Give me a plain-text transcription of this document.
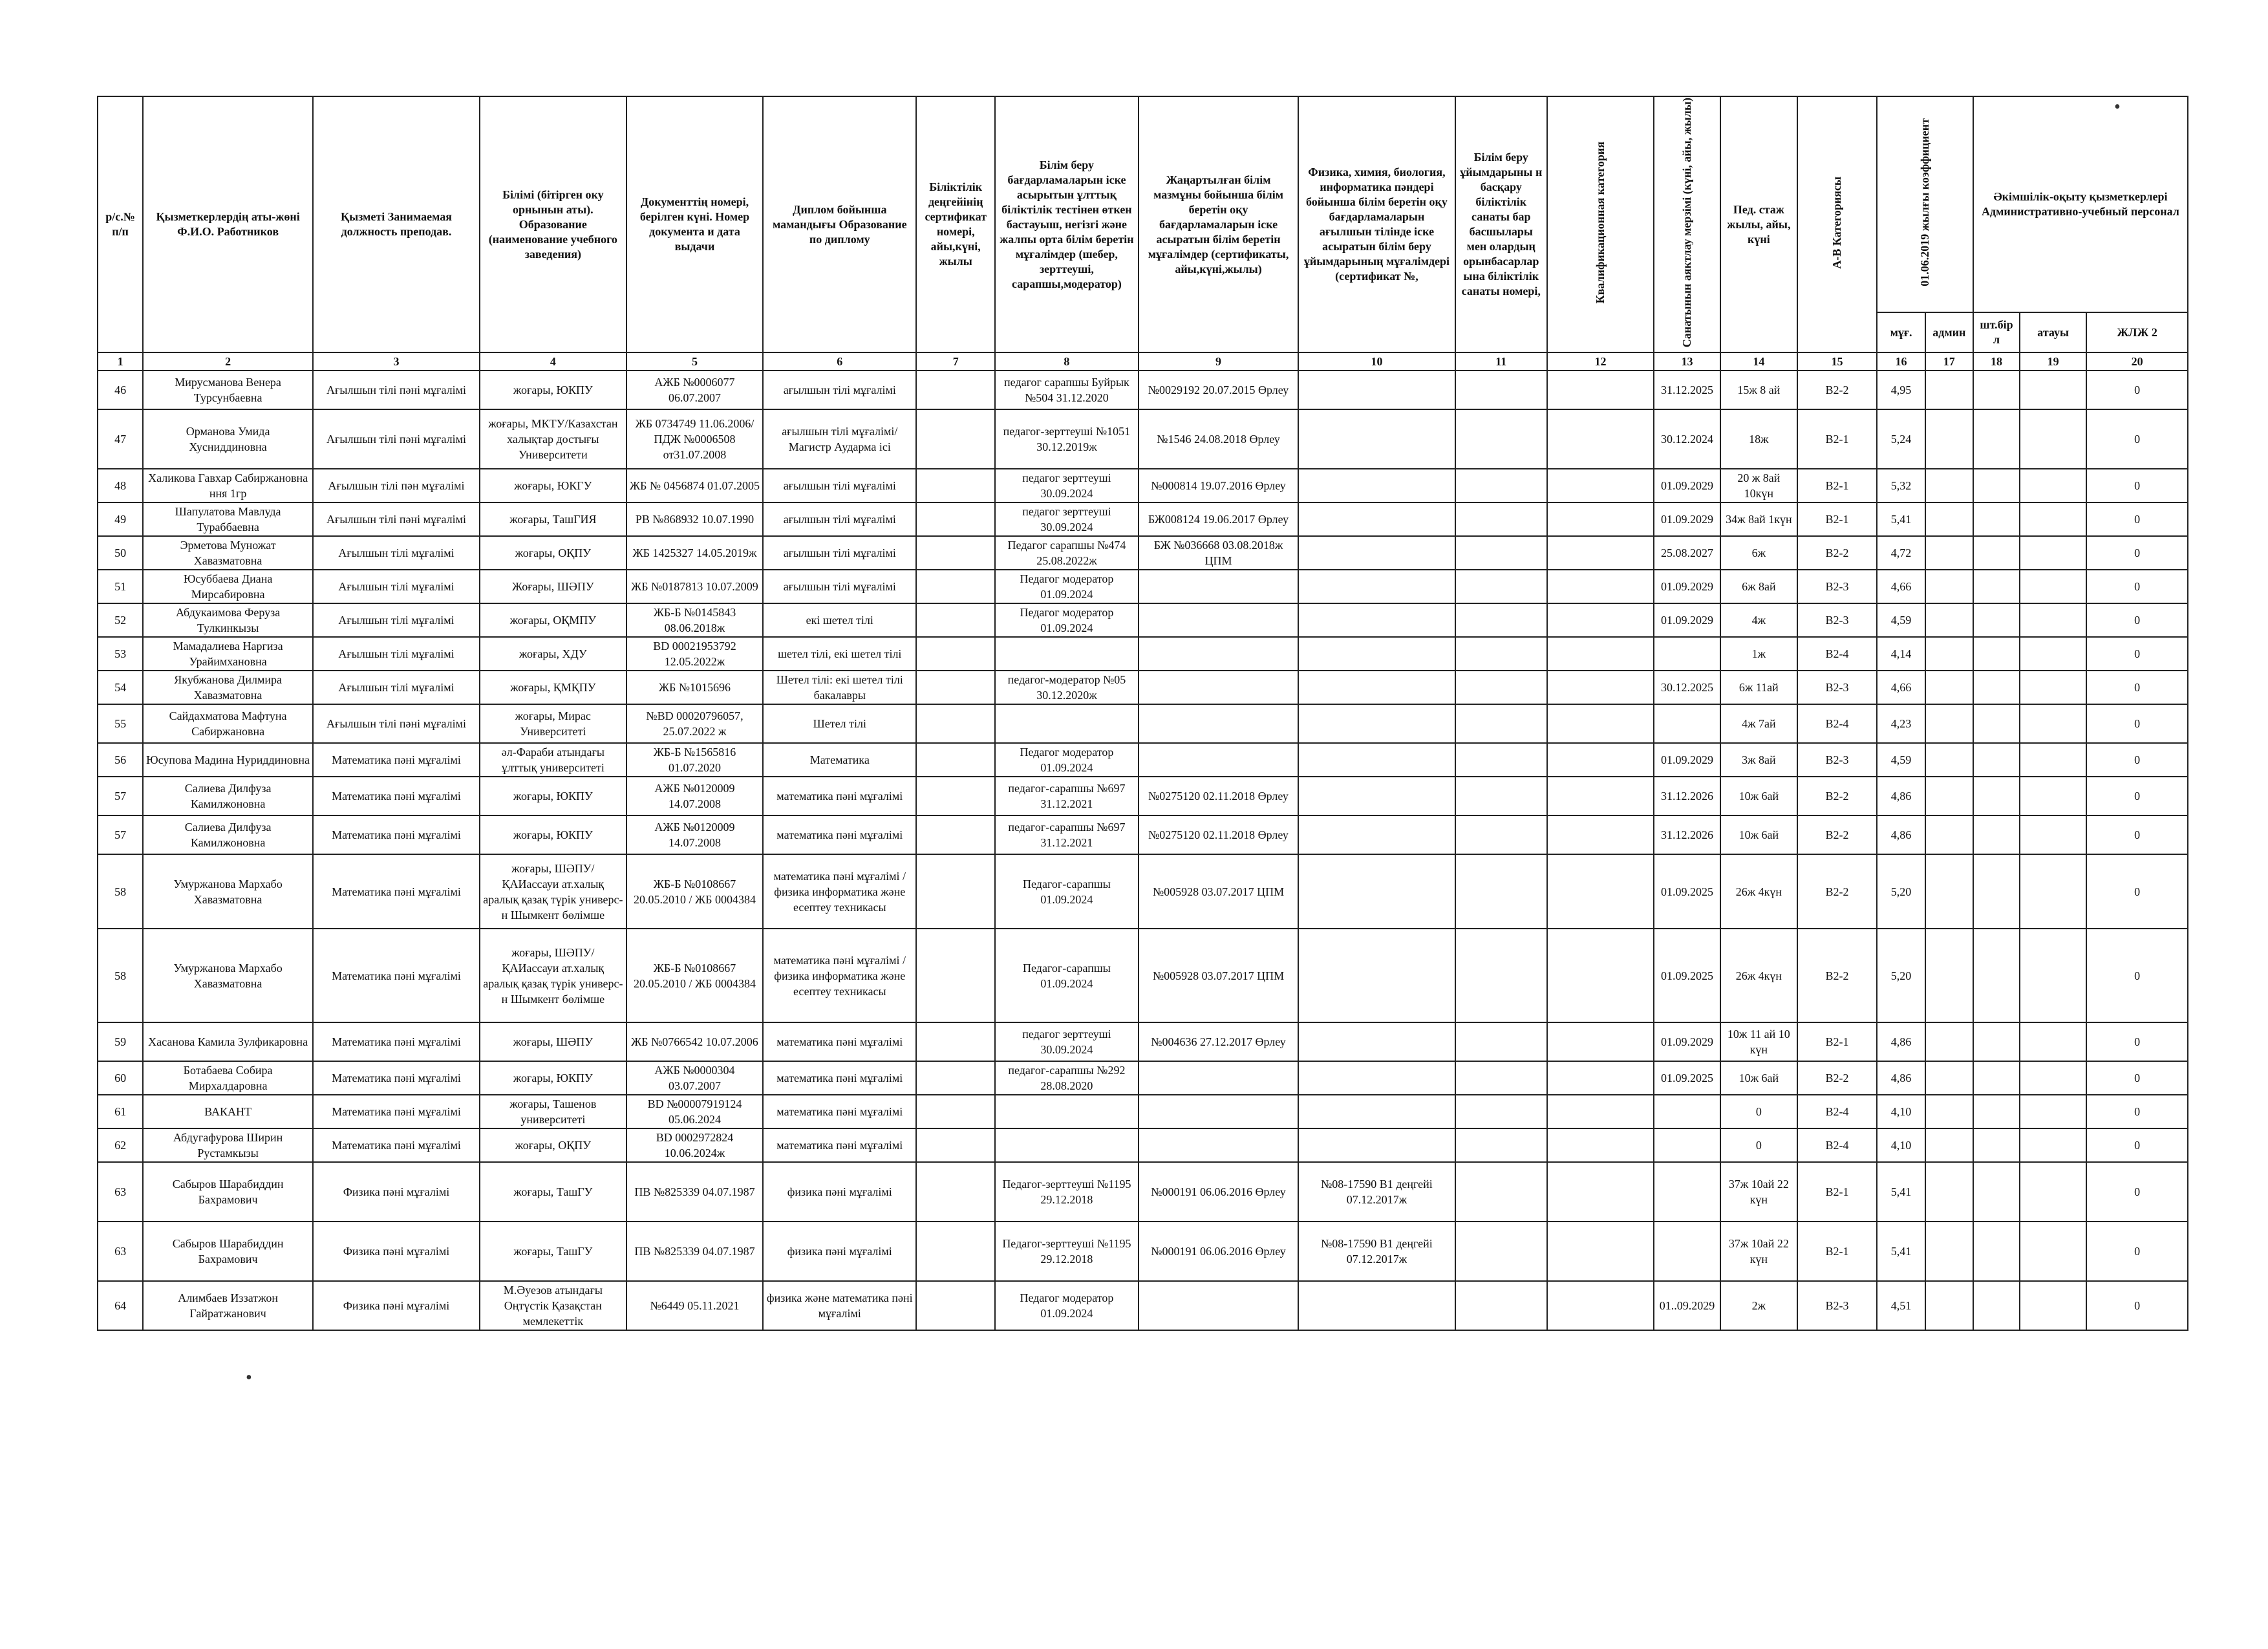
р/с.№ п/п	Қызметкерлердің аты-жөні Ф.И.О. Работников	Қызметі Занимаемая должность преподав.	Білімі (бітірген оку орнынын аты). Образование (наименование учебного заведения)	Документтің номері, берілген күні. Номер документа и дата выдачи	Диплом бойынша мамандығы Образование по диплому	Біліктілік деңгейінің сертификат номері, айы,күні, жылы	Білім беру бағдарламаларын іске асырытын ұлттық біліктілік тестінен өткен бастауыш, негізгі және жалпы орта білім беретін мұғалімдер (шебер, зерттеуші, сарапшы,модератор)	Жаңартылған білім мазмұны бойынша білім беретін оқу бағдарламаларын іске асыратын білім беретін мұғалімдер (сертификаты, айы,күні,жылы)	Физика, химия, биология, информатика пәндері бойынша білім беретін оқу бағдарламаларын ағылшын тілінде іске асыратын білім беру ұйымдарының мұғалімдері (сертификат №,	Білім беру ұйымдарыны н басқару біліктілік санаты бар басшылары мен олардың орынбасарлар ына біліктілік санаты номері,	Квалификационная категория	Санатынын аяктлау мерзімі (күні, айы, жылы)	Пед. стаж жылы, айы, күні	А-В Категориясы	01.06.2019 жылғы коэффициент		Әкімшілік-оқыту қызметкерлері Административно-учебный персонал		
															мұғ.	админ	шт.бір л	атауы	ЖЛЖ 2
1	2	3	4	5	6	7	8	9	10	11	12	13	14	15	16	17	18	19	20
46	Мирусманова Венера Турсунбаевна	Ағылшын тілі пәні мұғалімі	жоғары, ЮКПУ	АЖБ №0006077 06.07.2007	ағылшын тілі мұғалімі		педагог сарапшы Буйрык №504 31.12.2020	№0029192 20.07.2015 Өрлеу				31.12.2025	15ж 8 ай	В2-2	4,95				0
47	Орманова Умида Хусниддиновна	Ағылшын тілі пәні мұғалімі	жоғары, МКТУ/Казахстан халықтар достығы Университети	ЖБ 0734749 11.06.2006/ПДЖ №0006508 от31.07.2008	ағылшын тілі мұғалімі/Магистр Аударма ісі		педагог-зерттеуші №1051 30.12.2019ж	№1546 24.08.2018 Өрлеу				30.12.2024	18ж	В2-1	5,24				0
48	Халикова Гавхар Сабиржановна ння 1гр	Ағылшын тілі пән мұғалімі	жоғары, ЮКГУ	ЖБ № 0456874 01.07.2005	ағылшын тілі мұғалімі		педагог зерттеуші 30.09.2024	№000814 19.07.2016 Өрлеу				01.09.2029	20 ж 8ай 10күн	В2-1	5,32				0
49	Шапулатова Мавлуда Тураббаевна	Ағылшын тілі пәні мұғалімі	жоғары, ТашГИЯ	РВ №868932 10.07.1990	ағылшын тілі мұғалімі		педагог зерттеуші 30.09.2024	БЖ008124 19.06.2017 Өрлеу				01.09.2029	34ж 8ай 1күн	В2-1	5,41				0
50	Эрметова Муножат Хавазматовна	Ағылшын тілі мұғалімі	жоғары, ОҚПУ	ЖБ 1425327 14.05.2019ж	ағылшын тілі мұғалімі		Педагог сарапшы №474 25.08.2022ж	БЖ №036668 03.08.2018ж ЦПМ				25.08.2027	6ж	В2-2	4,72				0
51	Юсуббаева Диана Мирсабировна	Ағылшын тілі мұғалімі	Жоғары, ШӘПУ	ЖБ №0187813 10.07.2009	ағылшын тілі мұғалімі		Педагог модератор 01.09.2024					01.09.2029	6ж 8ай	В2-3	4,66				0
52	Абдукаимова Феруза Тулкинкызы	Ағылшын тілі мұғалімі	жоғары, ОҚМПУ	ЖБ-Б №0145843 08.06.2018ж	екі шетел тілі		Педагог модератор 01.09.2024					01.09.2029	4ж	В2-3	4,59				0
53	Мамадалиева Наргиза Урайимхановна	Ағылшын тілі мұғалімі	жоғары, ХДУ	BD 00021953792 12.05.2022ж	шетел тілі, екі шетел тілі								1ж	В2-4	4,14				0
54	Якубжанова Дилмира Хавазматовна	Ағылшын тілі мұғалімі	жоғары, ҚМҚПУ	ЖБ №1015696	Шетел тілі: екі шетел тілі бакалавры		педагог-модератор №05 30.12.2020ж					30.12.2025	6ж 11ай	В2-3	4,66				0
55	Сайдахматова Мафтуна Сабиржановна	Ағылшын тілі пәні мұғалімі	жоғары, Мирас Университеті	№BD 00020796057, 25.07.2022 ж	Шетел тілі								4ж 7ай	В2-4	4,23				0
56	Юсупова Мадина Нуриддиновна	Математика пәні мұғалімі	әл-Фараби атындағы ұлттық университеті	ЖБ-Б №1565816 01.07.2020	Математика		Педагог модератор 01.09.2024					01.09.2029	3ж 8ай	В2-3	4,59				0
57	Салиева Дилфуза Камилжоновна	Математика пәні мұғалімі	жоғары, ЮКПУ	АЖБ №0120009 14.07.2008	математика пәні мұғалімі		педагог-сарапшы №697 31.12.2021	№0275120 02.11.2018 Өрлеу				31.12.2026	10ж 6ай	В2-2	4,86				0
57	Салиева Дилфуза Камилжоновна	Математика пәні мұғалімі	жоғары, ЮКПУ	АЖБ №0120009 14.07.2008	математика пәні мұғалімі		педагог-сарапшы №697 31.12.2021	№0275120 02.11.2018 Өрлеу				31.12.2026	10ж 6ай	В2-2	4,86				0
58	Умуржанова Мархабо Хавазматовна	Математика пәні мұғалімі	жоғары, ШӘПУ/ ҚАИассауи ат.халық аралық қазақ түрік универс-н Шымкент бөлімше	ЖБ-Б №0108667 20.05.2010 / ЖБ 0004384	математика пәні мұғалімі / физика информатика және есептеу техникасы		Педагог-сарапшы 01.09.2024	№005928 03.07.2017 ЦПМ				01.09.2025	26ж 4күн	В2-2	5,20				0
58	Умуржанова Мархабо Хавазматовна	Математика пәні мұғалімі	жоғары, ШӘПУ/ ҚАИассауи ат.халық аралық қазақ түрік универс-н Шымкент бөлімше	ЖБ-Б №0108667 20.05.2010 / ЖБ 0004384	математика пәні мұғалімі / физика информатика және есептеу техникасы		Педагог-сарапшы 01.09.2024	№005928 03.07.2017 ЦПМ				01.09.2025	26ж 4күн	В2-2	5,20				0
59	Хасанова Камила Зулфикаровна	Математика пәні мұғалімі	жоғары, ШӘПУ	ЖБ №0766542 10.07.2006	математика пәні мұғалімі		педагог зерттеуші 30.09.2024	№004636 27.12.2017 Өрлеу				01.09.2029	10ж 11 ай 10 күн	В2-1	4,86				0
60	Ботабаева Собира Мирхалдаровна	Математика пәні мұғалімі	жоғары, ЮКПУ	АЖБ №0000304 03.07.2007	математика пәні мұғалімі		педагог-сарапшы №292 28.08.2020					01.09.2025	10ж 6ай	В2-2	4,86				0
61	ВАКАНТ	Математика пәні мұғалімі	жоғары, Ташенов университеті	BD №00007919124 05.06.2024	математика пәні мұғалімі								0	В2-4	4,10				0
62	Абдугафурова Ширин Рустамкызы	Математика пәні мұғалімі	жоғары, ОҚПУ	BD 0002972824 10.06.2024ж	математика пәні мұғалімі								0	В2-4	4,10				0
63	Сабыров Шарабиддин Бахрамович	Физика пәні мұғалімі	жоғары, ТашГУ	ПВ №825339 04.07.1987	физика пәні мұғалімі		Педагог-зерттеуші №1195 29.12.2018	№000191 06.06.2016 Өрлеу	№08-17590 В1 деңгейі 07.12.2017ж				37ж 10ай 22 күн	В2-1	5,41				0
63	Сабыров Шарабиддин Бахрамович	Физика пәні мұғалімі	жоғары, ТашГУ	ПВ №825339 04.07.1987	физика пәні мұғалімі		Педагог-зерттеуші №1195 29.12.2018	№000191 06.06.2016 Өрлеу	№08-17590 В1 деңгейі 07.12.2017ж				37ж 10ай 22 күн	В2-1	5,41				0
64	Алимбаев Иззатжон Гайратжанович	Физика пәні мұғалімі	М.Әуезов атындағы Оңтүстік Қазақстан мемлекеттік	№6449 05.11.2021	физика және математика пәні мұғалімі		Педагог модератор 01.09.2024					01..09.2029	2ж	В2-3	4,51				0
•
•
